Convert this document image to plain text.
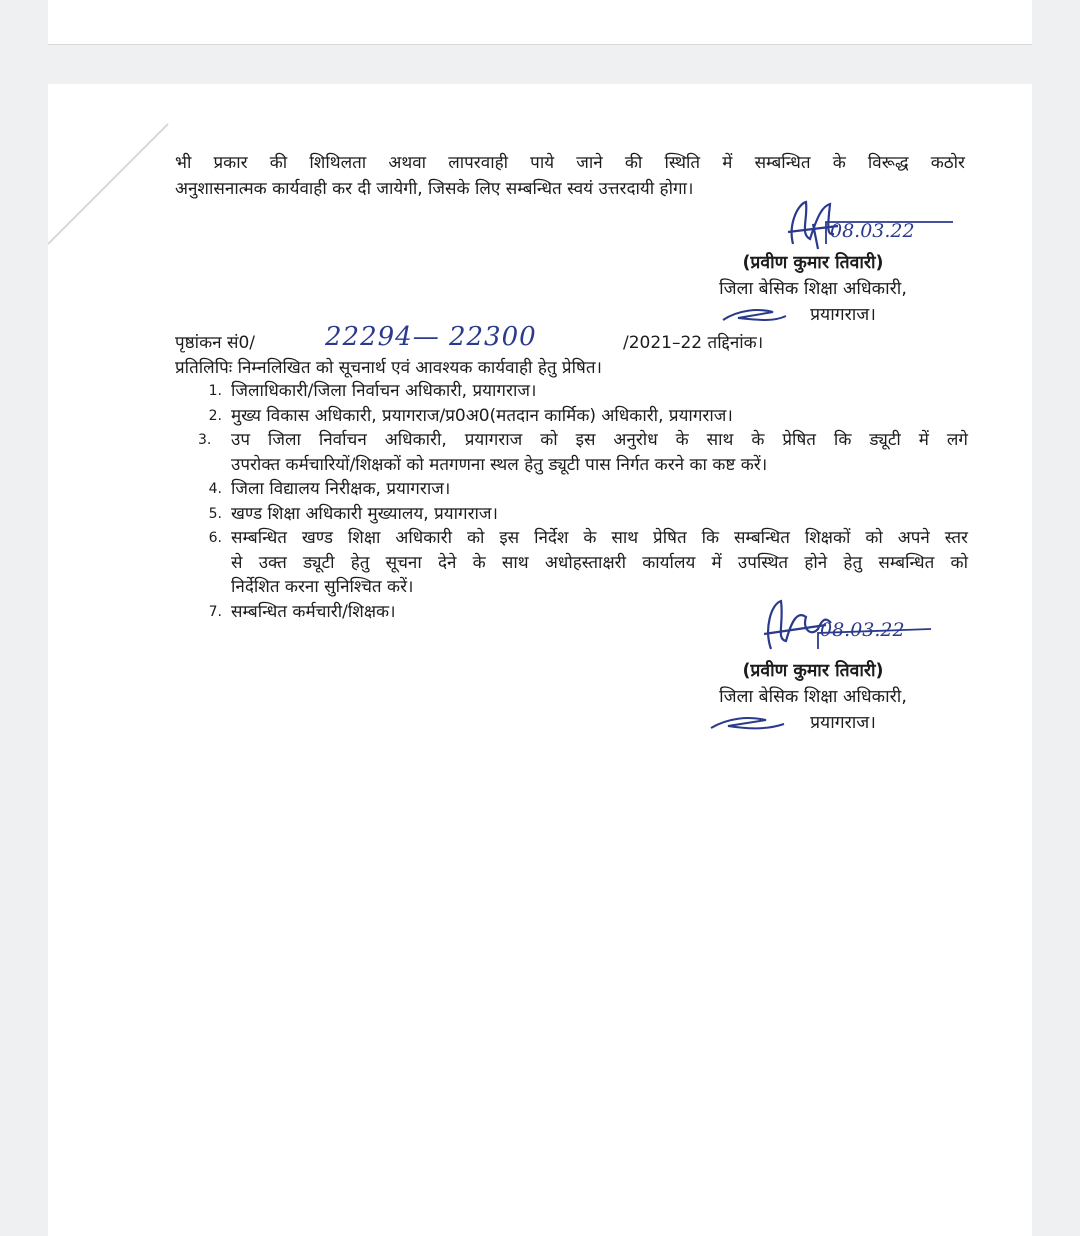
भी प्रकार की शिथिलता अथवा लापरवाही पाये जाने की स्थिति में सम्बन्धित के विरूद्ध कठोर
अनुशासनात्मक कार्यवाही कर दी जायेगी, जिसके लिए सम्बन्धित स्वयं उत्तरदायी होगा।
08.03.22
(प्रवीण कुमार तिवारी)
जिला बेसिक शिक्षा अधिकारी,
प्रयागराज।
पृष्ठांकन सं0/	22294— 22300	/2021–22 तद्दिनांक।
प्रतिलिपिः निम्नलिखित को सूचनार्थ एवं आवश्यक कार्यवाही हेतु प्रेषित।
1. जिलाधिकारी/जिला निर्वाचन अधिकारी, प्रयागराज।
2. मुख्य विकास अधिकारी, प्रयागराज/प्र0अ0(मतदान कार्मिक) अधिकारी, प्रयागराज।
3.	उप जिला निर्वाचन अधिकारी, प्रयागराज को इस अनुरोध के साथ के प्रेषित कि ड्यूटी में लगे
उपरोक्त कर्मचारियों/शिक्षकों को मतगणना स्थल हेतु ड्यूटी पास निर्गत करने का कष्ट करें।
4. जिला विद्यालय निरीक्षक, प्रयागराज।
5. खण्ड शिक्षा अधिकारी मुख्यालय, प्रयागराज।
6. सम्बन्धित खण्ड शिक्षा अधिकारी को इस निर्देश के साथ प्रेषित कि सम्बन्धित शिक्षकों को अपने स्तर
से उक्त ड्यूटी हेतु सूचना देने के साथ अधोहस्ताक्षरी कार्यालय में उपस्थित होने हेतु सम्बन्धित को
निर्देशित करना सुनिश्चित करें।
7. सम्बन्धित कर्मचारी/शिक्षक।
08.03.22
(प्रवीण कुमार तिवारी)
जिला बेसिक शिक्षा अधिकारी,
प्रयागराज।
